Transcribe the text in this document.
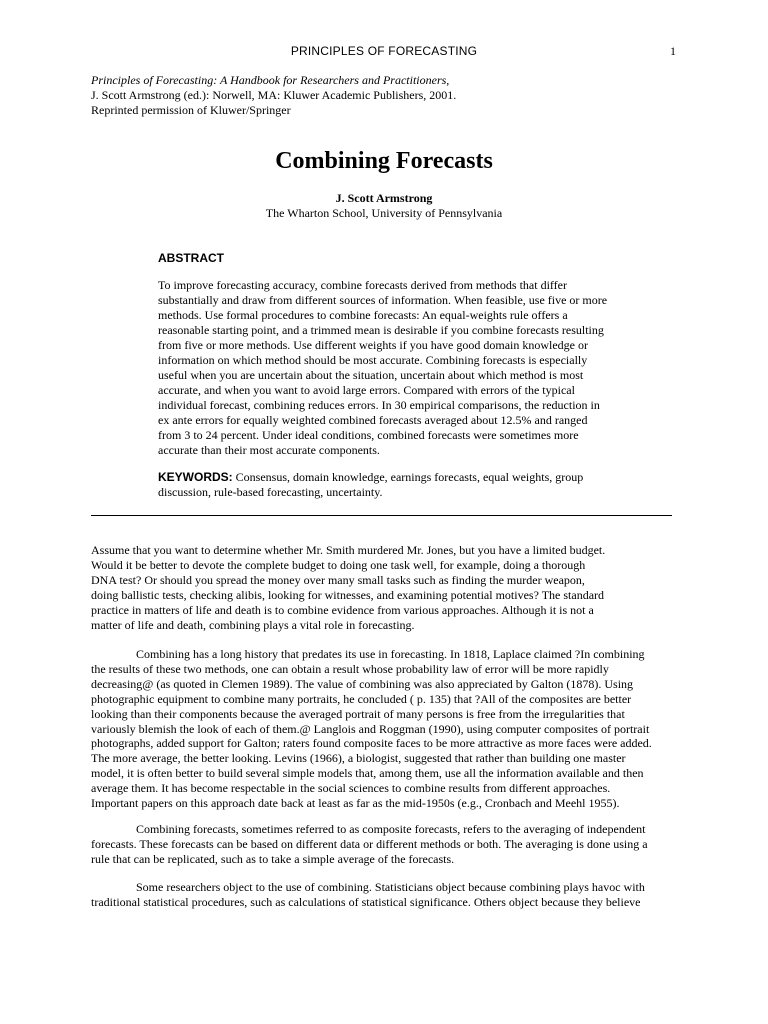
PRINCIPLES OF FORECASTING	1
Principles of Forecasting: A Handbook for Researchers and Practitioners,
J. Scott Armstrong (ed.): Norwell, MA: Kluwer Academic Publishers, 2001.
Reprinted permission of Kluwer/Springer
Combining Forecasts
J. Scott Armstrong
The Wharton School, University of Pennsylvania
ABSTRACT
To improve forecasting accuracy, combine forecasts derived from methods that differ
substantially and draw from different sources of information. When feasible, use five or more
methods. Use formal procedures to combine forecasts: An equal-weights rule offers a
reasonable starting point, and a trimmed mean is desirable if you combine forecasts resulting
from five or more methods. Use different weights if you have good domain knowledge or
information on which method should be most accurate. Combining forecasts is especially
useful when you are uncertain about the situation, uncertain about which method is most
accurate, and when you want to avoid large errors. Compared with errors of the typical
individual forecast, combining reduces errors. In 30 empirical comparisons, the reduction in
ex ante errors for equally weighted combined forecasts averaged about 12.5% and ranged
from 3 to 24 percent. Under ideal conditions, combined forecasts were sometimes more
accurate than their most accurate components.
KEYWORDS: Consensus, domain knowledge, earnings forecasts, equal weights, group
discussion, rule-based forecasting, uncertainty.
Assume that you want to determine whether Mr. Smith murdered Mr. Jones, but you have a limited budget.
Would it be better to devote the complete budget to doing one task well, for example, doing a thorough
DNA test? Or should you spread the money over many small tasks such as finding the murder weapon,
doing ballistic tests, checking alibis, looking for witnesses, and examining potential motives? The standard
practice in matters of life and death is to combine evidence from various approaches. Although it is not a
matter of life and death, combining plays a vital role in forecasting.
Combining has a long history that predates its use in forecasting. In 1818, Laplace claimed ?In combining
the results of these two methods, one can obtain a result whose probability law of error will be more rapidly
decreasing@ (as quoted in Clemen 1989). The value of combining was also appreciated by Galton (1878). Using
photographic equipment to combine many portraits, he concluded ( p. 135) that ?All of the composites are better
looking than their components because the averaged portrait of many persons is free from the irregularities that
variously blemish the look of each of them.@ Langlois and Roggman (1990), using computer composites of portrait
photographs, added support for Galton; raters found composite faces to be more attractive as more faces were added.
The more average, the better looking. Levins (1966), a biologist, suggested that rather than building one master
model, it is often better to build several simple models that, among them, use all the information available and then
average them. It has become respectable in the social sciences to combine results from different approaches.
Important papers on this approach date back at least as far as the mid-1950s (e.g., Cronbach and Meehl 1955).
Combining forecasts, sometimes referred to as composite forecasts, refers to the averaging of independent
forecasts. These forecasts can be based on different data or different methods or both. The averaging is done using a
rule that can be replicated, such as to take a simple average of the forecasts.
Some researchers object to the use of combining. Statisticians object because combining plays havoc with
traditional statistical procedures, such as calculations of statistical significance. Others object because they believe
